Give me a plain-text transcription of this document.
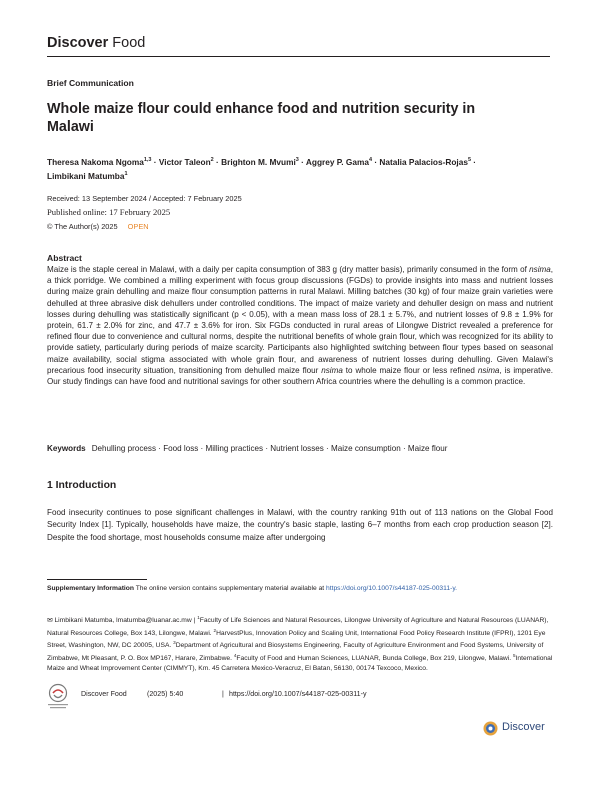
Discover Food
Brief Communication
Whole maize flour could enhance food and nutrition security in Malawi
Theresa Nakoma Ngoma$^{1,3}$ · Victor Taleon$^2$ · Brighton M. Mvumi$^3$ · Aggrey P. Gama$^4$ · Natalia Palacios-Rojas$^5$ ·
Limbikani Matumba$^1$
Received: 13 September 2024 / Accepted: 7 February 2025
Published online: 17 February 2025
© The Author(s) 2025 OPEN
Abstract
Maize is the staple cereal in Malawi, with a daily per capita consumption of 383 g (dry matter basis), primarily consumed in the form of nsima, a thick porridge. We combined a milling experiment with focus group discussions (FGDs) to provide insights into mass and nutrient losses during maize grain dehulling and maize flour consumption patterns in rural Malawi. Milling batches (30 kg) of four maize grain varieties were dehulled at three abrasive disk dehullers under controlled conditions. The impact of maize variety and dehuller design on mass and nutrient losses during dehulling was statistically significant (p < 0.05), with a mean mass loss of 28.1 ± 5.7%, and nutrient losses of 9.8 ± 1.9% for protein, 61.7 ± 2.0% for zinc, and 47.7 ± 3.6% for iron. Six FGDs conducted in rural areas of Lilongwe District revealed a preference for refined flour due to convenience and cultural norms, despite the nutritional benefits of whole grain flour, which was recognized for its ability to provide satiety, particularly during periods of maize scarcity. Participants also highlighted switching between flour types based on seasonal maize availability, social stigma associated with whole grain flour, and awareness of nutrient losses during dehulling. Given Malawi's precarious food insecurity situation, transitioning from dehulled maize flour nsima to whole maize flour or less refined nsima, is imperative. Our study findings can have food and nutritional savings for other southern Africa countries where the dehulling is a common practice.
Keywords Dehulling process · Food loss · Milling practices · Nutrient losses · Maize consumption · Maize flour
1 Introduction
Food insecurity continues to pose significant challenges in Malawi, with the country ranking 91th out of 113 nations on the Global Food Security Index [1]. Typically, households have maize, the country's basic staple, lasting 6–7 months from each crop production season [2]. Despite the food shortage, most households consume maize after undergoing
Supplementary Information The online version contains supplementary material available at https://doi.org/10.1007/s44187-025-00311-y.
✉ Limbikani Matumba, lmatumba@luanar.ac.mw | $^1$Faculty of Life Sciences and Natural Resources, Lilongwe University of Agriculture and Natural Resources (LUANAR), Natural Resources College, Box 143, Lilongwe, Malawi. $^2$HarvestPlus, Innovation Policy and Scaling Unit, International Food Policy Research Institute (IFPRI), 1201 Eye Street, Washington, NW, DC 20005, USA. $^3$Department of Agricultural and Biosystems Engineering, Faculty of Agriculture Environment and Food Systems, University of Zimbabwe, Mt Pleasant, P. O. Box MP167, Harare, Zimbabwe. $^4$Faculty of Food and Human Sciences, LUANAR, Bunda College, Box 219, Lilongwe, Malawi. $^5$International Maize and Wheat Improvement Center (CIMMYT), Km. 45 Carretera Mexico-Veracruz, El Batan, 56130, 00174 Texcoco, Mexico.
Discover Food	(2025) 5:40	| https://doi.org/10.1007/s44187-025-00311-y
Discover
